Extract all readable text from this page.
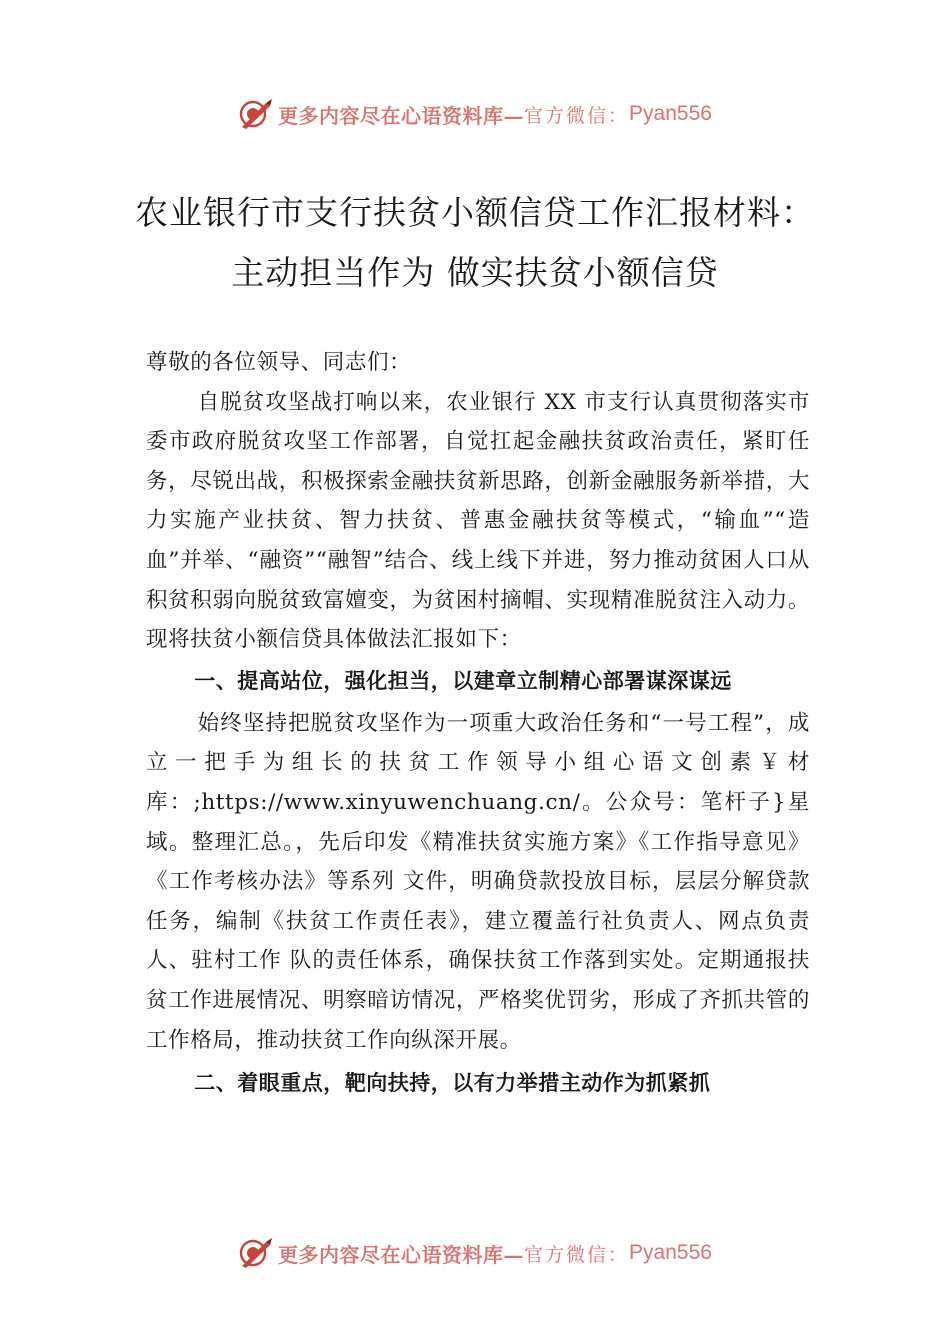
更多内容尽在心语资料库— 官方微信： Pyan556
农业银行市支行扶贫小额信贷工作汇报材料：主动担当作为 做实扶贫小额信贷

尊敬的各位领导、同志们：

自脱贫攻坚战打响以来，农业银行 XX 市支行认真贯彻落实市委市政府脱贫攻坚工作部署，自觉扛起金融扶贫政治责任，紧盯任务，尽锐出战，积极探索金融扶贫新思路，创新金融服务新举措，大力实施产业扶贫、智力扶贫、普惠金融扶贫等模式，“输血”“造血”并举、“融资”“融智”结合、线上线下并进，努力推动贫困人口从积贫积弱向脱贫致富嬗变，为贫困村摘帽、实现精准脱贫注入动力。现将扶贫小额信贷具体做法汇报如下：

一、提高站位，强化担当，以建章立制精心部署谋深谋远

始终坚持把脱贫攻坚作为一项重大政治任务和“一号工程”，成立一把手为组长的扶贫工作领导小组心语文创素￥材库：;https://www.xinyuwenchuang.cn/。公众号：笔杆子}星域。整理汇总。，先后印发《精准扶贫实施方案》《工作指导意见》《工作考核办法》等系列 文件，明确贷款投放目标，层层分解贷款任务，编制《扶贫工作责任表》，建立覆盖行社负责人、网点负责人、驻村工作 队的责任体系，确保扶贫工作落到实处。定期通报扶贫工作进展情况、明察暗访情况，严格奖优罚劣，形成了齐抓共管的工作格局，推动扶贫工作向纵深开展。

二、着眼重点，靶向扶持，以有力举措主动作为抓紧抓

更多内容尽在心语资料库— 官方微信： Pyan556
